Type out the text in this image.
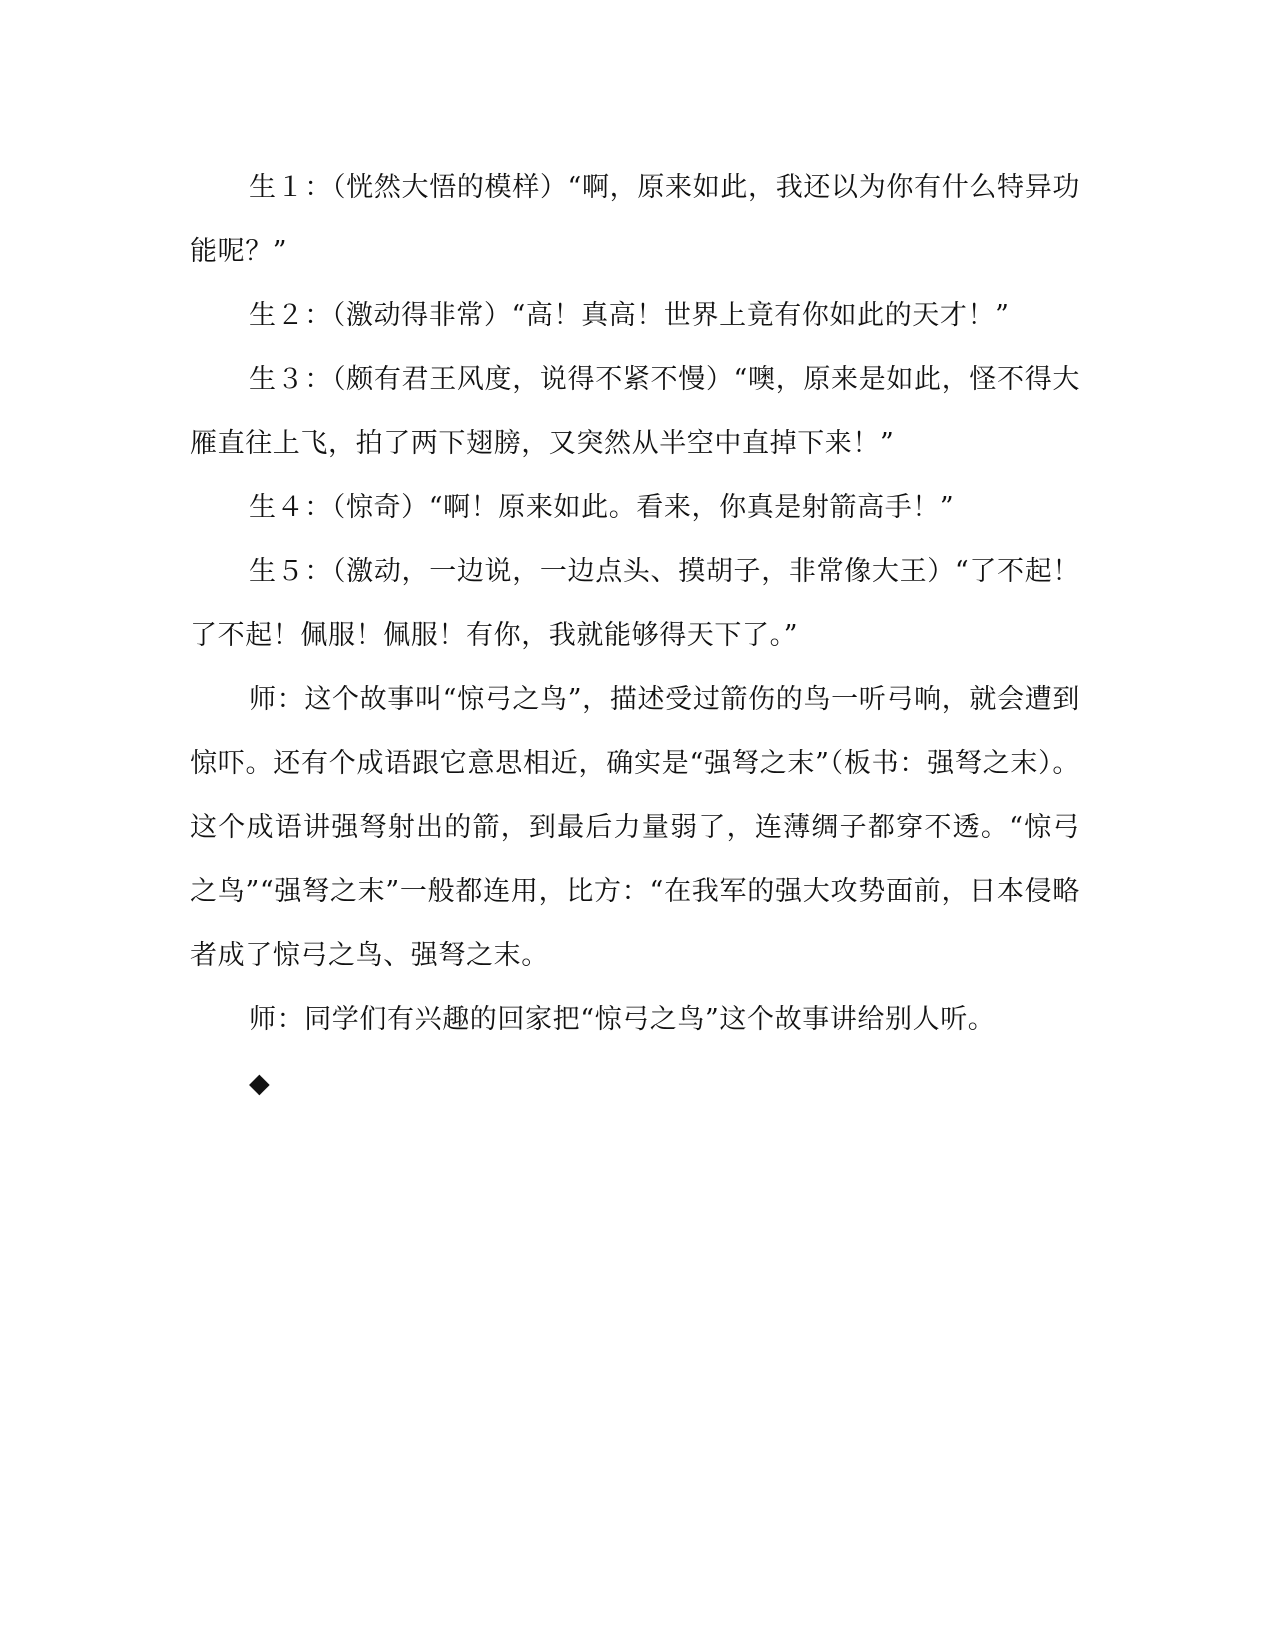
生１：（恍然大悟的模样）“啊，原来如此，我还以为你有什么特异功能呢？”

生２：（激动得非常）“高！真高！世界上竟有你如此的天才！”

生３：（颇有君王风度，说得不紧不慢）“噢，原来是如此，怪不得大雁直往上飞，拍了两下翅膀，又突然从半空中直掉下来！”

生４：（惊奇）“啊！原来如此。看来，你真是射箭高手！”

生５：（激动，一边说，一边点头、摸胡子，非常像大王）“了不起！了不起！佩服！佩服！有你，我就能够得天下了。”

师：这个故事叫“惊弓之鸟”，描述受过箭伤的鸟一听弓响，就会遭到惊吓。还有个成语跟它意思相近，确实是“强弩之末”（板书：强弩之末）。这个成语讲强弩射出的箭，到最后力量弱了，连薄绸子都穿不透。“惊弓之鸟”“强弩之末”一般都连用，比方：“在我军的强大攻势面前，日本侵略者成了惊弓之鸟、强弩之末。

师：同学们有兴趣的回家把“惊弓之鸟”这个故事讲给别人听。

◆
